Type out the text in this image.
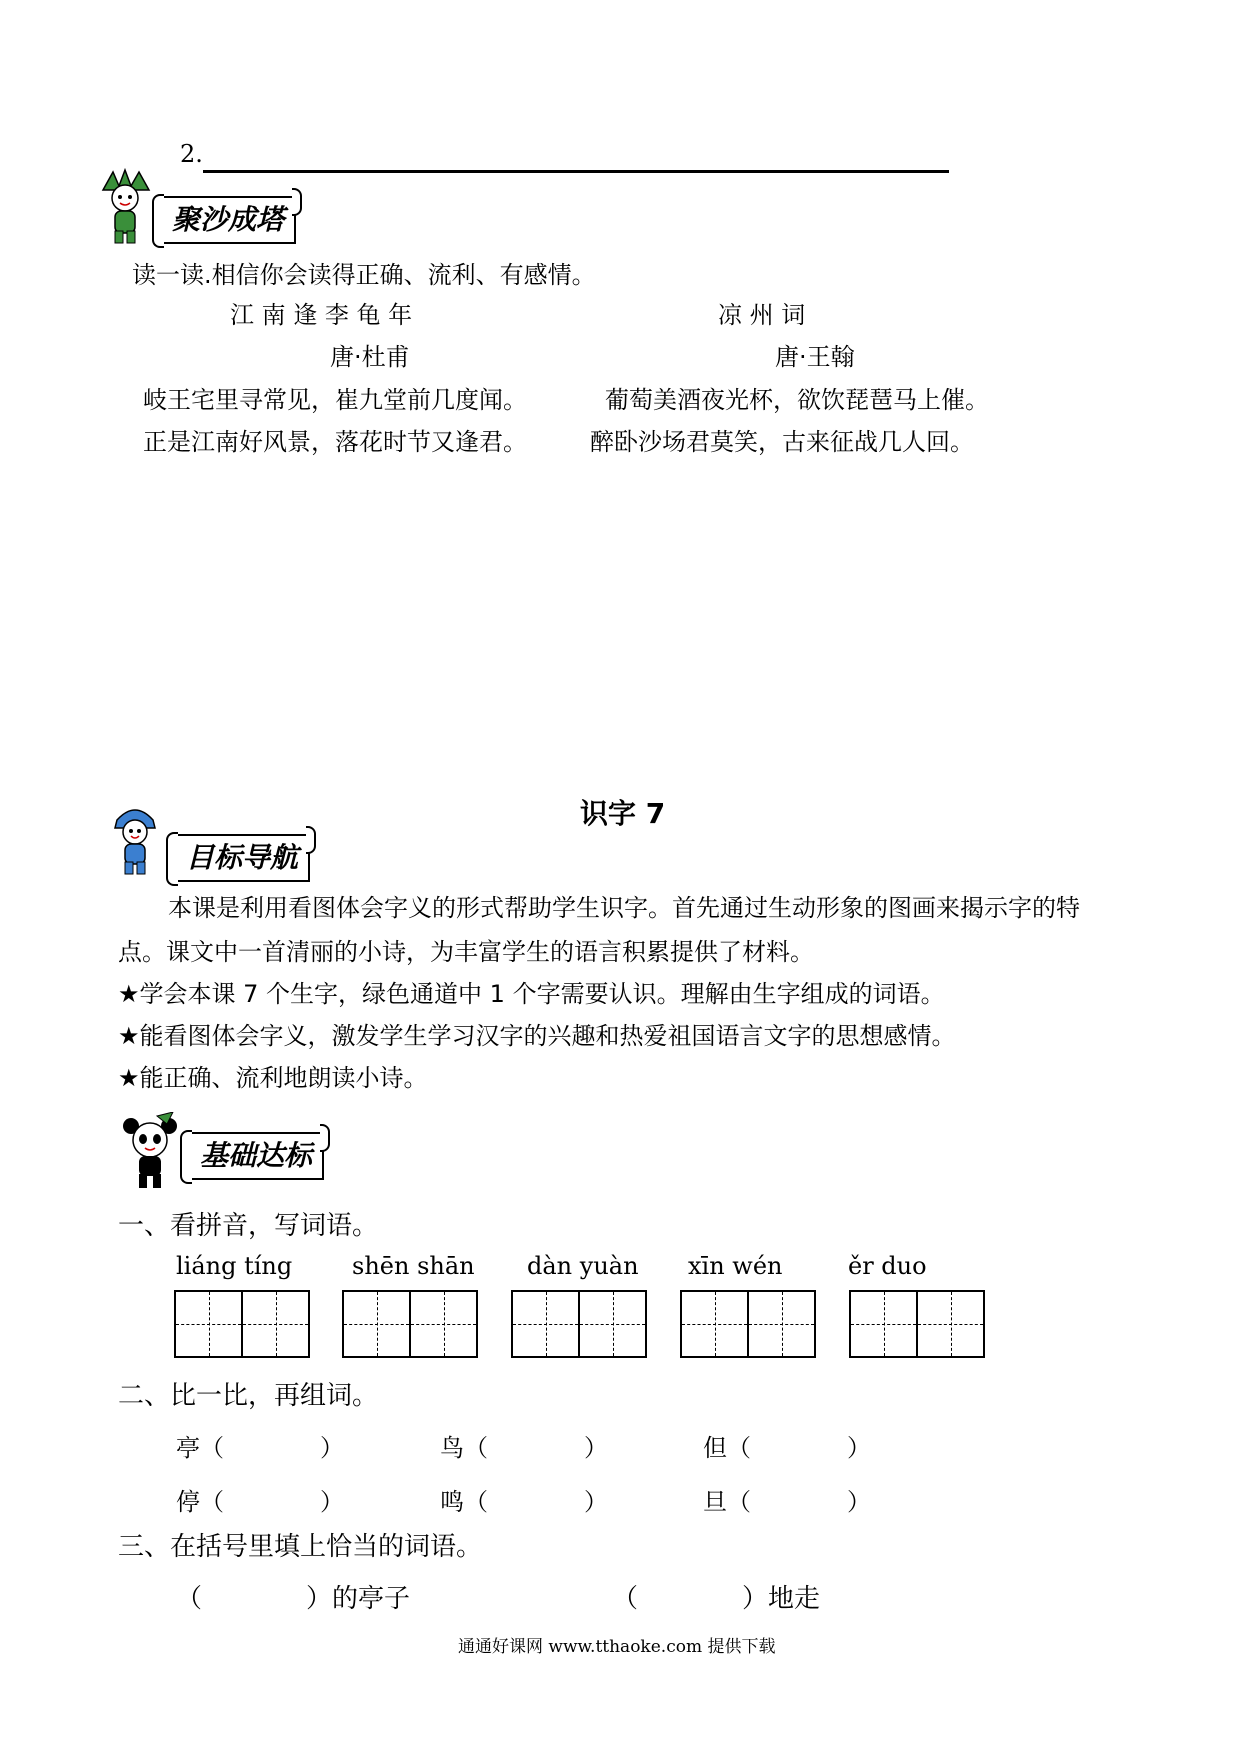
2.
聚沙成塔
读一读.相信你会读得正确、流利、有感情。
江 南 逢 李 龟 年
唐·杜甫
岐王宅里寻常见，崔九堂前几度闻。
正是江南好风景，落花时节又逢君。
凉 州 词
唐·王翰
葡萄美酒夜光杯，欲饮琵琶马上催。
醉卧沙场君莫笑，古来征战几人回。
识字 7
目标导航
本课是利用看图体会字义的形式帮助学生识字。首先通过生动形象的图画来揭示字的特
点。课文中一首清丽的小诗，为丰富学生的语言积累提供了材料。
★学会本课 7 个生字，绿色通道中 1 个字需要认识。理解由生字组成的词语。
★能看图体会字义，激发学生学习汉字的兴趣和热爱祖国语言文字的思想感情。
★能正确、流利地朗读小诗。
基础达标
一、看拼音，写词语。
liáng tíng shēn shān dàn yuàn xīn wén	ěr duo
二、比一比，再组词。
亭（　　　　）	鸟（　　　　）	但（　　　　）
停（　　　　）	鸣（　　　　）	旦（　　　　）
三、在括号里填上恰当的词语。
（　　　　）的亭子	（　　　　）地走
通通好课网 www.tthaoke.com 提供下载
